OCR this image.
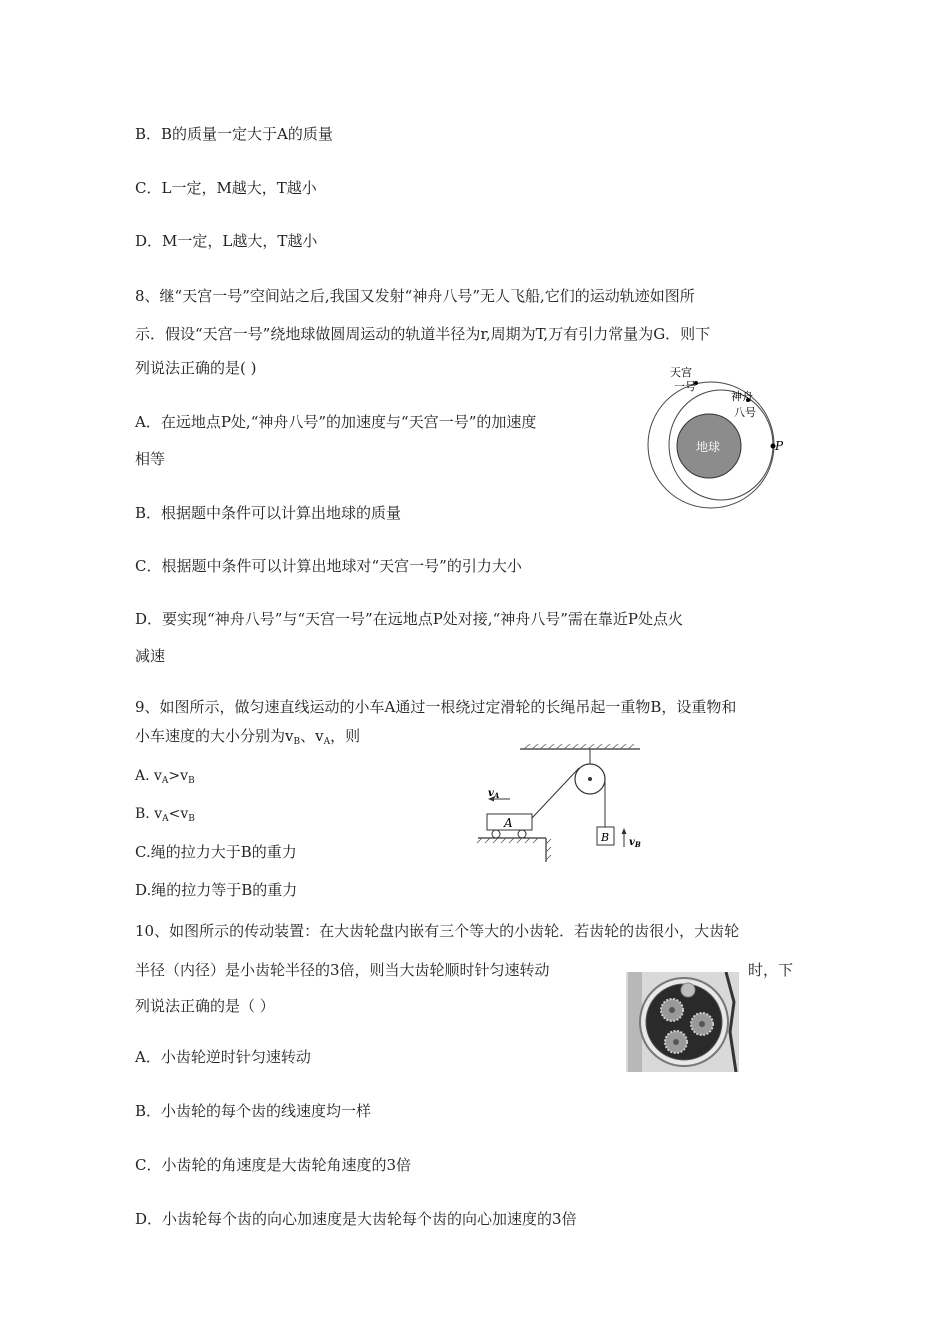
B．B的质量一定大于A的质量
C．L一定，M越大，T越小
D．M一定，L越大，T越小
8、继“天宫一号”空间站之后,我国又发射“神舟八号”无人飞船,它们的运动轨迹如图所
示．假设“天宫一号”绕地球做圆周运动的轨道半径为r,周期为T,万有引力常量为G．则下
列说法正确的是( )
A．在远地点P处,“神舟八号”的加速度与“天宫一号”的加速度
相等
B．根据题中条件可以计算出地球的质量
C．根据题中条件可以计算出地球对“天宫一号”的引力大小
D．要实现“神舟八号”与“天宫一号”在远地点P处对接,“神舟八号”需在靠近P处点火
减速
天宫
一号
神舟
八号
地球	P
9、如图所示，做匀速直线运动的小车A通过一根绕过定滑轮的长绳吊起一重物B，设重物和
小车速度的大小分别为$v_B$、$v_A$，则
A. $v_A>v_B$
B. $v_A<v_B$
C.绳的拉力大于B的重力
D.绳的拉力等于B的重力
$v_A$
$v_B$
A
B
10、如图所示的传动装置：在大齿轮盘内嵌有三个等大的小齿轮．若齿轮的齿很小，大齿轮
半径（内径）是小齿轮半径的3倍，则当大齿轮顺时针匀速转动	时，下
列说法正确的是（ ）
A．小齿轮逆时针匀速转动
B．小齿轮的每个齿的线速度均一样
C．小齿轮的角速度是大齿轮角速度的3倍
D．小齿轮每个齿的向心加速度是大齿轮每个齿的向心加速度的3倍
